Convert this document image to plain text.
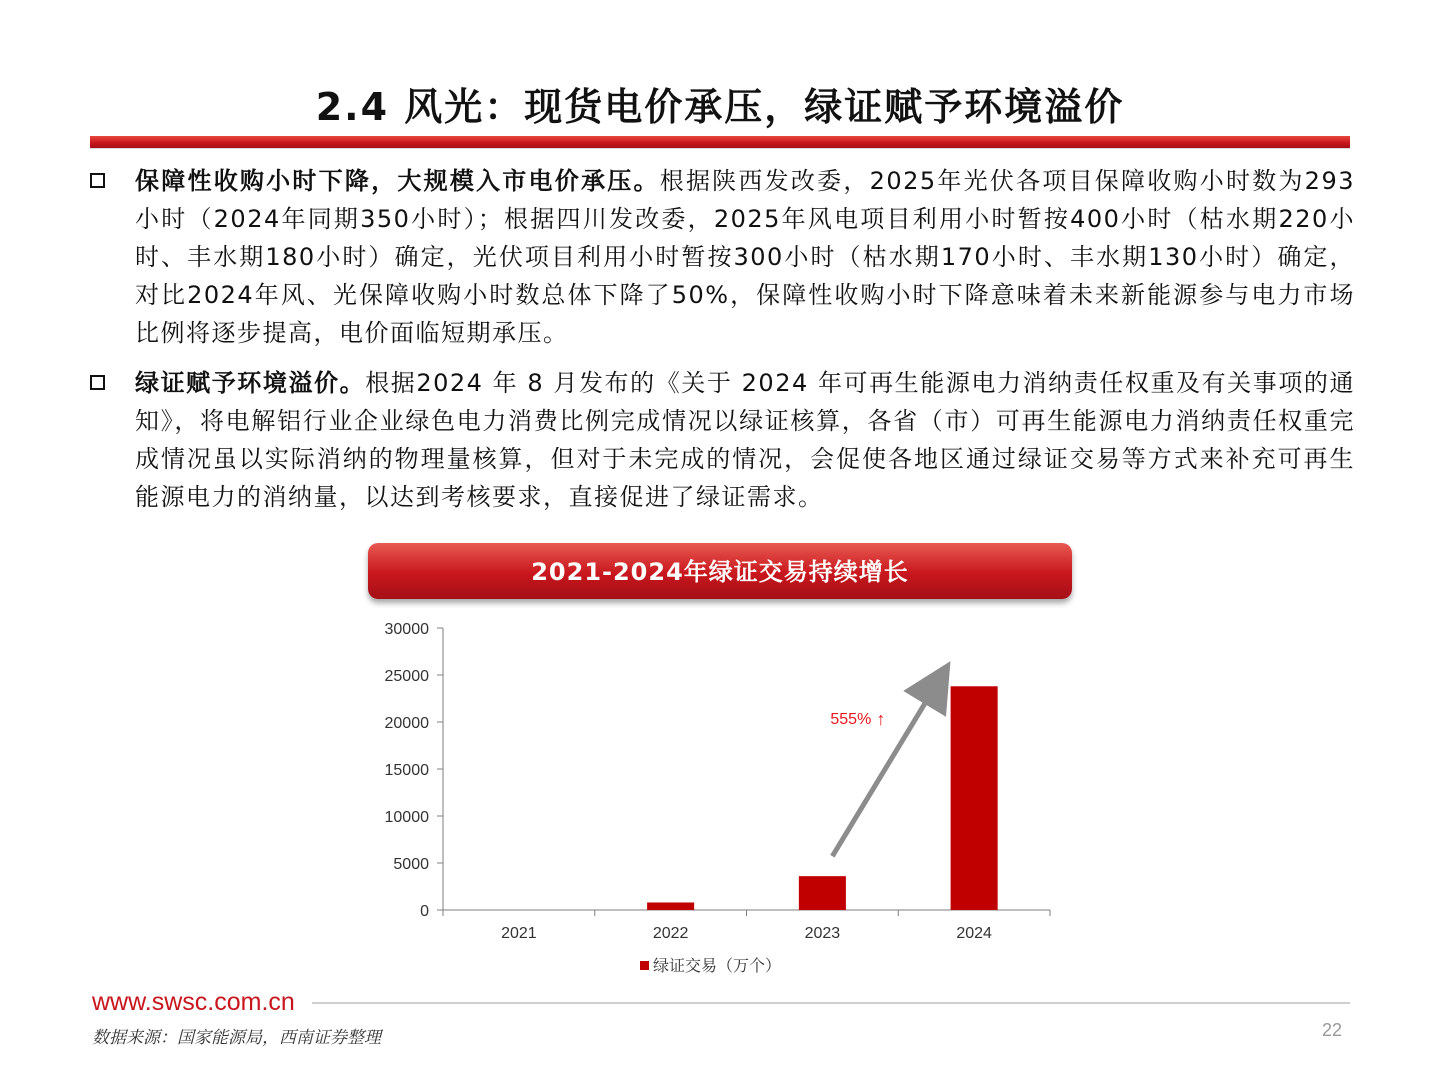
2.4 风光：现货电价承压，绿证赋予环境溢价
保障性收购小时下降，大规模入市电价承压。根据陕西发改委，2025年光伏各项目保障收购小时数为293 小时（2024年同期350小时）；根据四川发改委，2025年风电项目利用小时暂按400小时（枯水期220小时、丰水期180小时）确定，光伏项目利用小时暂按300小时（枯水期170小时、丰水期130小时）确定，对比2024年风、光保障收购小时数总体下降了50%，保障性收购小时下降意味着未来新能源参与电力市场比例将逐步提高，电价面临短期承压。
绿证赋予环境溢价。根据2024 年 8 月发布的《关于 2024 年可再生能源电力消纳责任权重及有关事项的通知》，将电解铝行业企业绿色电力消费比例完成情况以绿证核算，各省（市）可再生能源电力消纳责任权重完成情况虽以实际消纳的物理量核算，但对于未完成的情况，会促使各地区通过绿证交易等方式来补充可再生能源电力的消纳量，以达到考核要求，直接促进了绿证需求。
2021-2024年绿证交易持续增长
0
5000
10000
15000
20000
25000
30000
2021	2022	2023	2024
555% ↑
绿证交易（万个）
www.swsc.com.cn
数据来源：国家能源局，西南证券整理	22
